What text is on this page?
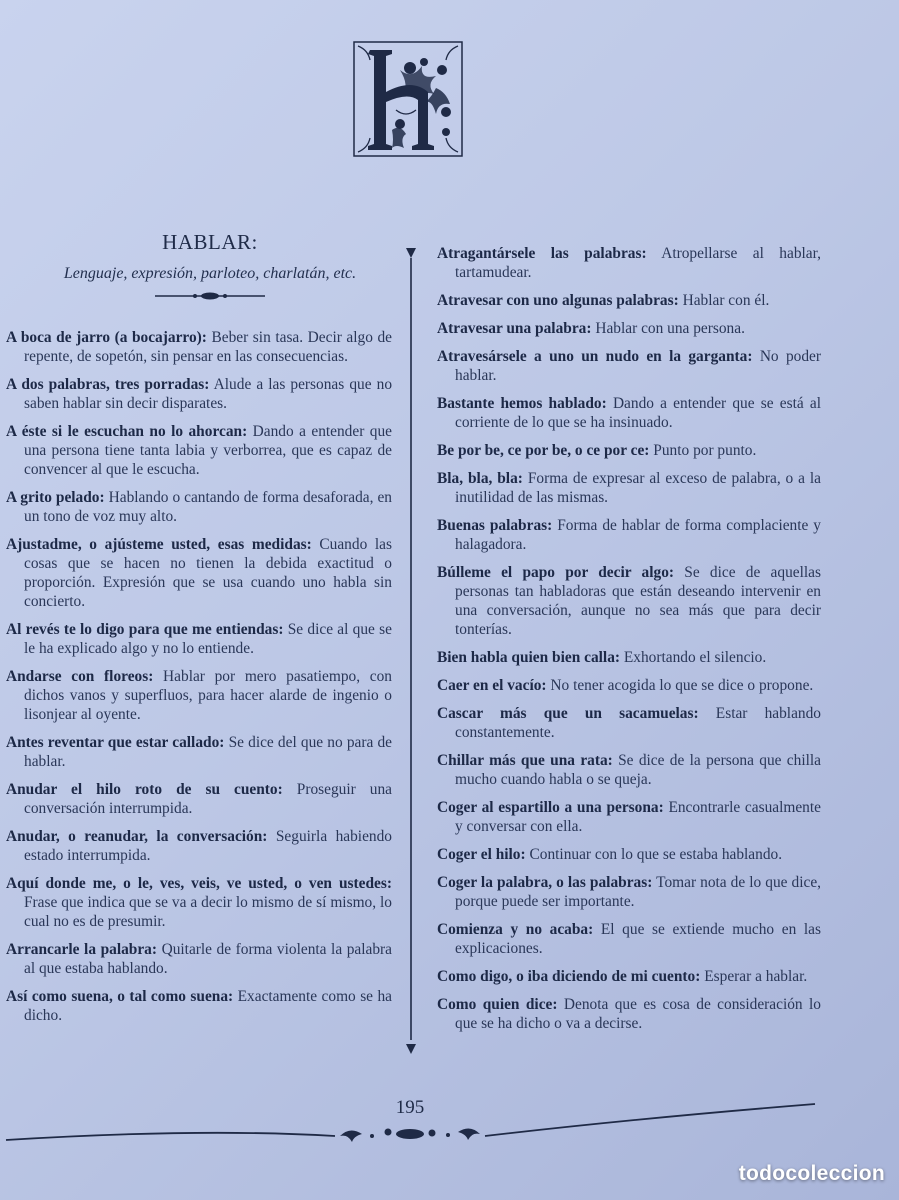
HABLAR:
Lenguaje, expresión, parloteo, charlatán, etc.

A boca de jarro (a bocajarro): Beber sin tasa. Decir algo de repente, de sopetón, sin pensar en las consecuencias.

A dos palabras, tres porradas: Alude a las personas que no saben hablar sin decir disparates.

A éste si le escuchan no lo ahorcan: Dando a entender que una persona tiene tanta labia y verborrea, que es capaz de convencer al que le escucha.

A grito pelado: Hablando o cantando de forma desaforada, en un tono de voz muy alto.

Ajustadme, o ajústeme usted, esas medidas: Cuando las cosas que se hacen no tienen la debida exactitud o proporción. Expresión que se usa cuando uno habla sin concierto.

Al revés te lo digo para que me entiendas: Se dice al que se le ha explicado algo y no lo entiende.

Andarse con floreos: Hablar por mero pasatiempo, con dichos vanos y superfluos, para hacer alarde de ingenio o lisonjear al oyente.

Antes reventar que estar callado: Se dice del que no para de hablar.

Anudar el hilo roto de su cuento: Proseguir una conversación interrumpida.

Anudar, o reanudar, la conversación: Seguirla habiendo estado interrumpida.

Aquí donde me, o le, ves, veis, ve usted, o ven ustedes: Frase que indica que se va a decir lo mismo de sí mismo, lo cual no es de presumir.

Arrancarle la palabra: Quitarle de forma violenta la palabra al que estaba hablando.

Así como suena, o tal como suena: Exactamente como se ha dicho.

Atragantársele las palabras: Atropellarse al hablar, tartamudear.

Atravesar con uno algunas palabras: Hablar con él.

Atravesar una palabra: Hablar con una persona.

Atravesársele a uno un nudo en la garganta: No poder hablar.

Bastante hemos hablado: Dando a entender que se está al corriente de lo que se ha insinuado.

Be por be, ce por be, o ce por ce: Punto por punto.

Bla, bla, bla: Forma de expresar al exceso de palabra, o a la inutilidad de las mismas.

Buenas palabras: Forma de hablar de forma complaciente y halagadora.

Búlleme el papo por decir algo: Se dice de aquellas personas tan habladoras que están deseando intervenir en una conversación, aunque no sea más que para decir tonterías.

Bien habla quien bien calla: Exhortando el silencio.

Caer en el vacío: No tener acogida lo que se dice o propone.

Cascar más que un sacamuelas: Estar hablando constantemente.

Chillar más que una rata: Se dice de la persona que chilla mucho cuando habla o se queja.

Coger al espartillo a una persona: Encontrarle casualmente y conversar con ella.

Coger el hilo: Continuar con lo que se estaba hablando.

Coger la palabra, o las palabras: Tomar nota de lo que dice, porque puede ser importante.

Comienza y no acaba: El que se extiende mucho en las explicaciones.

Como digo, o iba diciendo de mi cuento: Esperar a hablar.

Como quien dice: Denota que es cosa de consideración lo que se ha dicho o va a decirse.

195
todocoleccion
